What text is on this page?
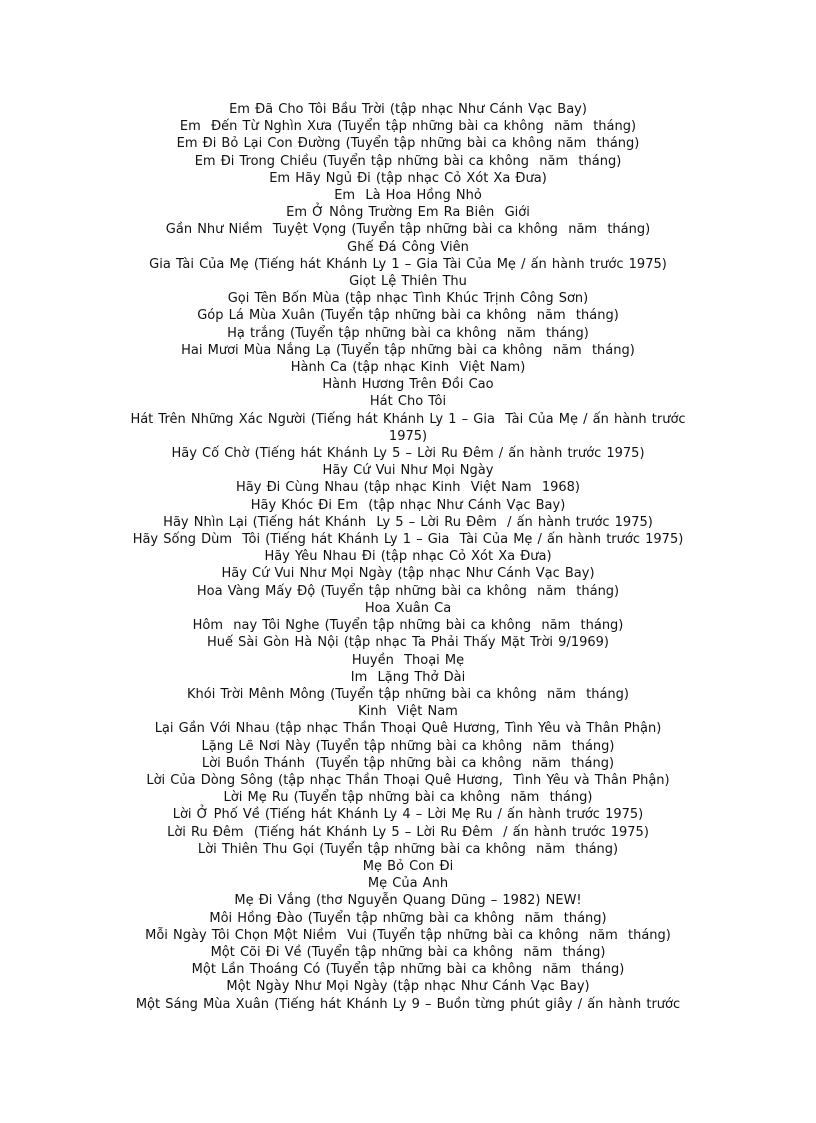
Em Đã Cho Tôi Bầu Trời (tập nhạc Như Cánh Vạc Bay)
Em  Đến Từ Nghìn Xưa (Tuyển tập những bài ca không  năm  tháng)
Em Đi Bỏ Lại Con Đường (Tuyển tập những bài ca không năm  tháng)
Em Đi Trong Chiều (Tuyển tập những bài ca không  năm  tháng)
Em Hãy Ngủ Đi (tập nhạc Cỏ Xót Xa Đưa)
Em  Là Hoa Hồng Nhỏ
Em Ở Nông Trường Em Ra Biên  Giới
Gần Như Niềm  Tuyệt Vọng (Tuyển tập những bài ca không  năm  tháng)
Ghế Đá Công Viên
Gia Tài Của Mẹ (Tiếng hát Khánh Ly 1 – Gia Tài Của Mẹ / ấn hành trước 1975)
Giọt Lệ Thiên Thu
Gọi Tên Bốn Mùa (tập nhạc Tình Khúc Trịnh Công Sơn)
Góp Lá Mùa Xuân (Tuyển tập những bài ca không  năm  tháng)
Hạ trắng (Tuyển tập những bài ca không  năm  tháng)
Hai Mươi Mùa Nắng Lạ (Tuyển tập những bài ca không  năm  tháng)
Hành Ca (tập nhạc Kinh  Việt Nam)
Hành Hương Trên Đồi Cao
Hát Cho Tôi
Hát Trên Những Xác Người (Tiếng hát Khánh Ly 1 – Gia  Tài Của Mẹ / ấn hành trước 1975)
Hãy Cố Chờ (Tiếng hát Khánh Ly 5 – Lời Ru Đêm / ấn hành trước 1975)
Hãy Cứ Vui Như Mọi Ngày
Hãy Đi Cùng Nhau (tập nhạc Kinh  Việt Nam  1968)
Hãy Khóc Đi Em  (tập nhạc Như Cánh Vạc Bay)
Hãy Nhìn Lại (Tiếng hát Khánh  Ly 5 – Lời Ru Đêm  / ấn hành trước 1975)
Hãy Sống Dùm  Tôi (Tiếng hát Khánh Ly 1 – Gia  Tài Của Mẹ / ấn hành trước 1975)
Hãy Yêu Nhau Đi (tập nhạc Cỏ Xót Xa Đưa)
Hãy Cứ Vui Như Mọi Ngày (tập nhạc Như Cánh Vạc Bay)
Hoa Vàng Mấy Độ (Tuyển tập những bài ca không  năm  tháng)
Hoa Xuân Ca
Hôm  nay Tôi Nghe (Tuyển tập những bài ca không  năm  tháng)
Huế Sài Gòn Hà Nội (tập nhạc Ta Phải Thấy Mặt Trời 9/1969)
Huyền  Thoại Mẹ
Im  Lặng Thở Dài
Khói Trời Mênh Mông (Tuyển tập những bài ca không  năm  tháng)
Kinh  Việt Nam
Lại Gần Với Nhau (tập nhạc Thần Thoại Quê Hương, Tình Yêu và Thân Phận)
Lặng Lẽ Nơi Này (Tuyển tập những bài ca không  năm  tháng)
Lời Buồn Thánh  (Tuyển tập những bài ca không  năm  tháng)
Lời Của Dòng Sông (tập nhạc Thần Thoại Quê Hương,  Tình Yêu và Thân Phận)
Lời Mẹ Ru (Tuyển tập những bài ca không  năm  tháng)
Lời Ở Phố Về (Tiếng hát Khánh Ly 4 – Lời Mẹ Ru / ấn hành trước 1975)
Lời Ru Đêm  (Tiếng hát Khánh Ly 5 – Lời Ru Đêm  / ấn hành trước 1975)
Lời Thiên Thu Gọi (Tuyển tập những bài ca không  năm  tháng)
Mẹ Bỏ Con Đi
Mẹ Của Anh
Mẹ Đi Vắng (thơ Nguyễn Quang Dũng – 1982) NEW!
Môi Hồng Đào (Tuyển tập những bài ca không  năm  tháng)
Mỗi Ngày Tôi Chọn Một Niềm  Vui (Tuyển tập những bài ca không  năm  tháng)
Một Cõi Đi Về (Tuyển tập những bài ca không  năm  tháng)
Một Lần Thoáng Có (Tuyển tập những bài ca không  năm  tháng)
Một Ngày Như Mọi Ngày (tập nhạc Như Cánh Vạc Bay)
Một Sáng Mùa Xuân (Tiếng hát Khánh Ly 9 – Buồn từng phút giây / ấn hành trước
